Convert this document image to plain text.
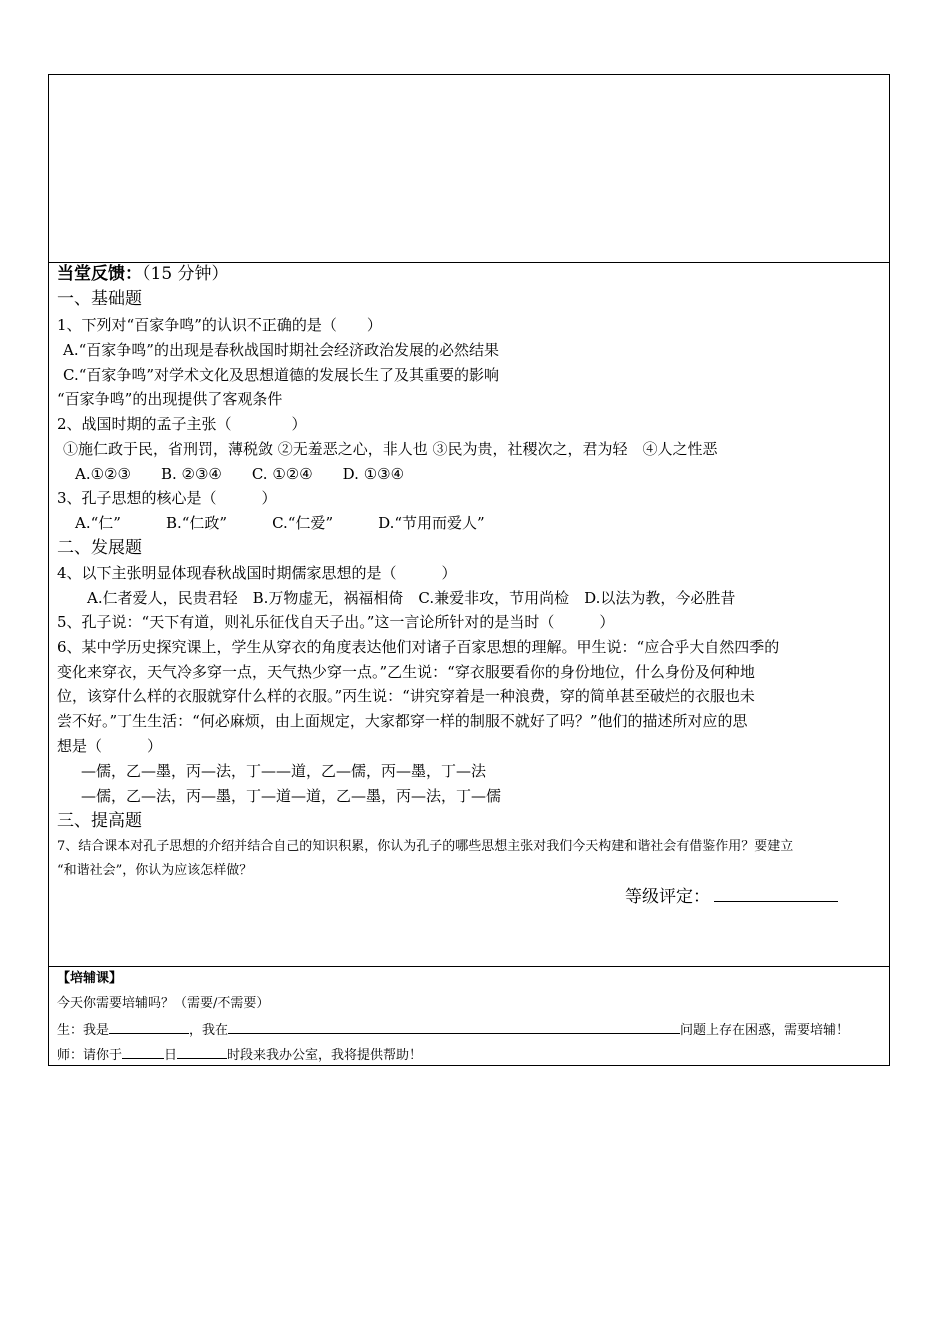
当堂反馈：（15 分钟）
一、基础题
1、下列对“百家争鸣”的认识不正确的是（　　）
A.“百家争鸣”的出现是春秋战国时期社会经济政治发展的必然结果
C.“百家争鸣”对学术文化及思想道德的发展长生了及其重要的影响
“百家争鸣”的出现提供了客观条件
2、战国时期的孟子主张（　　　　）
①施仁政于民，省刑罚，薄税敛 ②无羞恶之心，非人也 ③民为贵，社稷次之，君为轻　④人之性恶
A.①②③　　B. ②③④　　C. ①②④　　D. ①③④
3、孔子思想的核心是（　　　）
A.“仁”　　　B.“仁政”　　　C.“仁爱”　　　D.“节用而爱人”
二、发展题
4、以下主张明显体现春秋战国时期儒家思想的是（　　　）
A.仁者爱人，民贵君轻　B.万物虚无，祸福相倚　C.兼爱非攻，节用尚检　D.以法为教，今必胜昔
5、孔子说：“天下有道，则礼乐征伐自天子出。”这一言论所针对的是当时（　　　）
6、某中学历史探究课上，学生从穿衣的角度表达他们对诸子百家思想的理解。甲生说：“应合乎大自然四季的
变化来穿衣，天气冷多穿一点，天气热少穿一点。”乙生说：“穿衣服要看你的身份地位，什么身份及何种地
位，该穿什么样的衣服就穿什么样的衣服。”丙生说：“讲究穿着是一种浪费，穿的简单甚至破烂的衣服也未
尝不好。”丁生生活：“何必麻烦，由上面规定，大家都穿一样的制服不就好了吗？”他们的描述所对应的思
想是（　　　）
—儒，乙—墨，丙—法，丁——道，乙—儒，丙—墨，丁—法
—儒，乙—法，丙—墨，丁—道—道，乙—墨，丙—法，丁—儒
三、提高题
7、结合课本对孔子思想的介绍并结合自己的知识积累，你认为孔子的哪些思想主张对我们今天构建和谐社会有借鉴作用？要建立
“和谐社会”，你认为应该怎样做？
等级评定：
【培辅课】
今天你需要培辅吗？（需要/不需要）
生：我是	，我在	问题上存在困惑，需要培辅！
师：请你于	日	时段来我办公室，我将提供帮助！
